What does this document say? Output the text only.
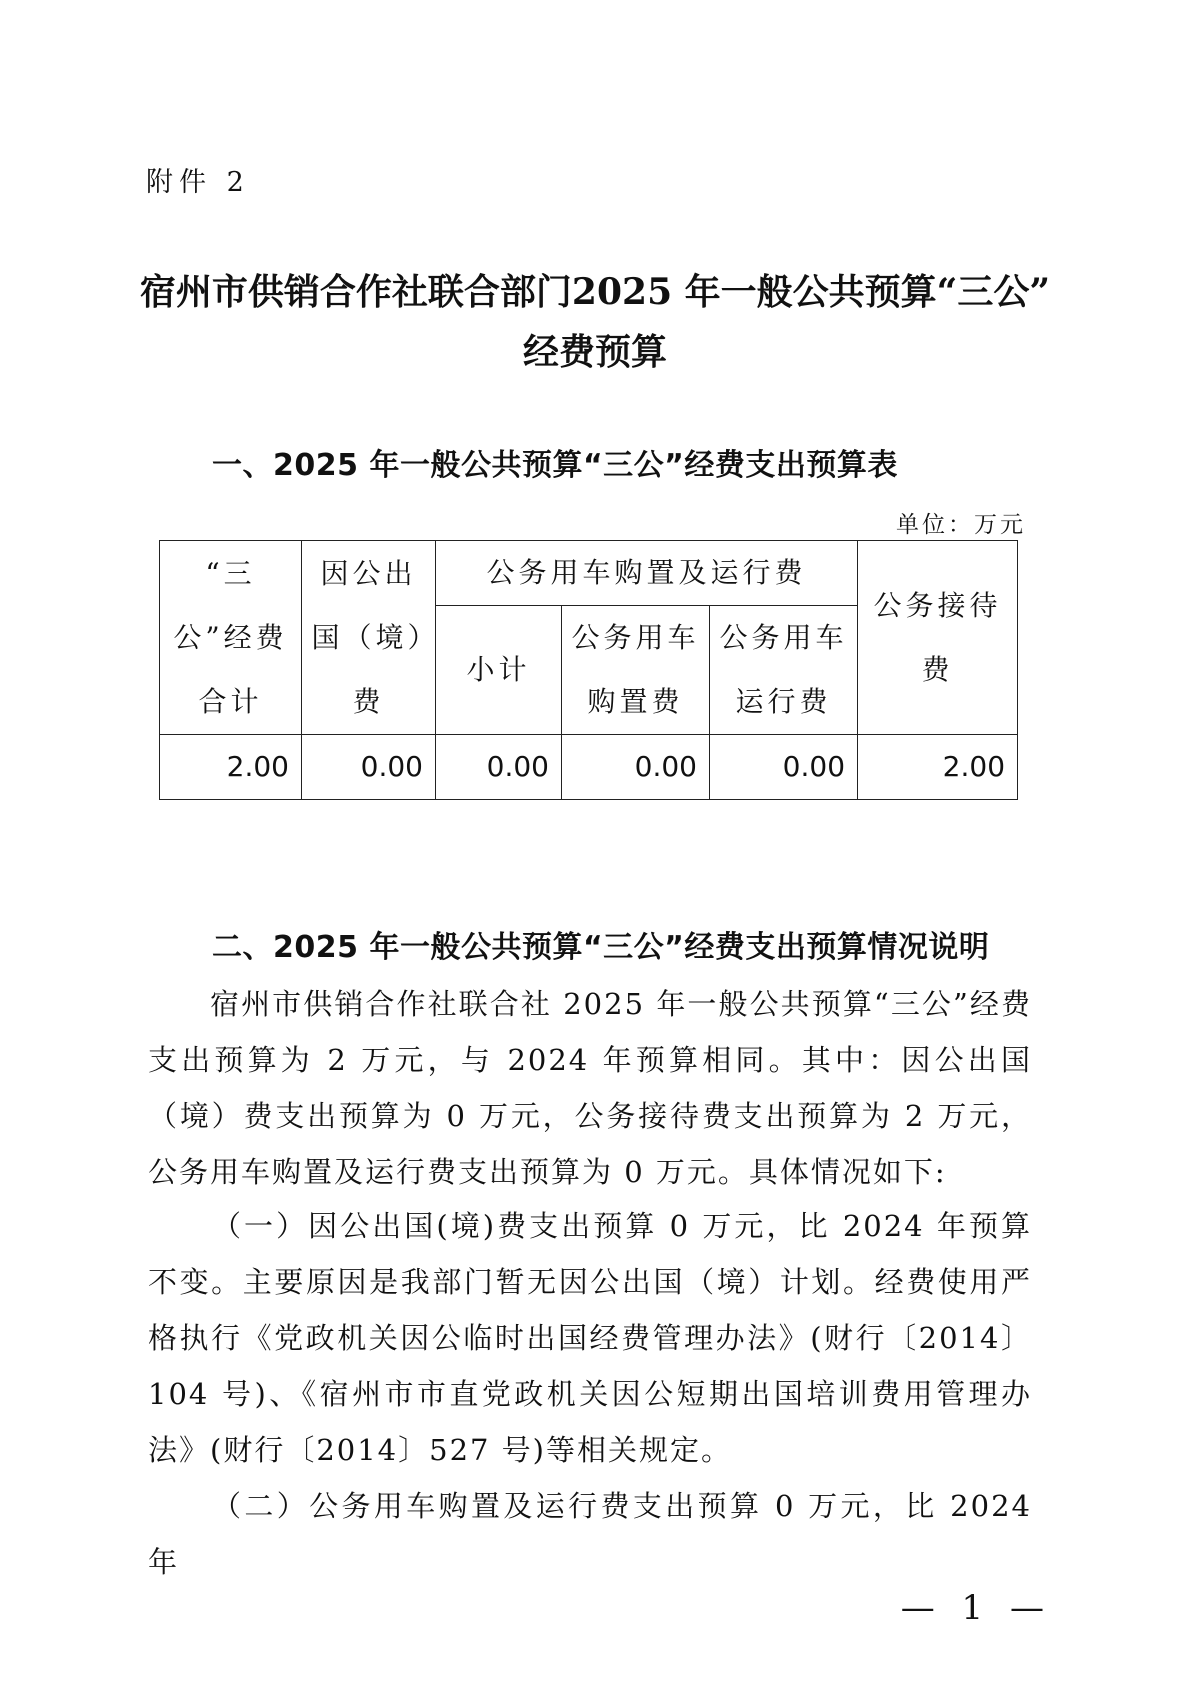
附件 2
宿州市供销合作社联合部门2025 年一般公共预算“三公”
经费预算
一、2025 年一般公共预算“三公”经费支出预算表
单位：万元
“三公”经费合计	因公出国（境）费	公务用车购置及运行费			公务接待费
		小计	公务用车购置费	公务用车运行费	
2.00	0.00	0.00	0.00	0.00	2.00
二、2025 年一般公共预算“三公”经费支出预算情况说明

宿州市供销合作社联合社 2025 年一般公共预算“三公”经费支出预算为 2 万元，与 2024 年预算相同。其中：因公出国（境）费支出预算为 0 万元，公务接待费支出预算为 2 万元，公务用车购置及运行费支出预算为 0 万元。具体情况如下:

（一）因公出国(境)费支出预算 0 万元，比 2024 年预算不变。主要原因是我部门暂无因公出国（境）计划。经费使用严格执行《党政机关因公临时出国经费管理办法》(财行〔2014〕104 号)、《宿州市市直党政机关因公短期出国培训费用管理办法》(财行〔2014〕527 号)等相关规定。

（二）公务用车购置及运行费支出预算 0 万元，比 2024 年

— 1 —
